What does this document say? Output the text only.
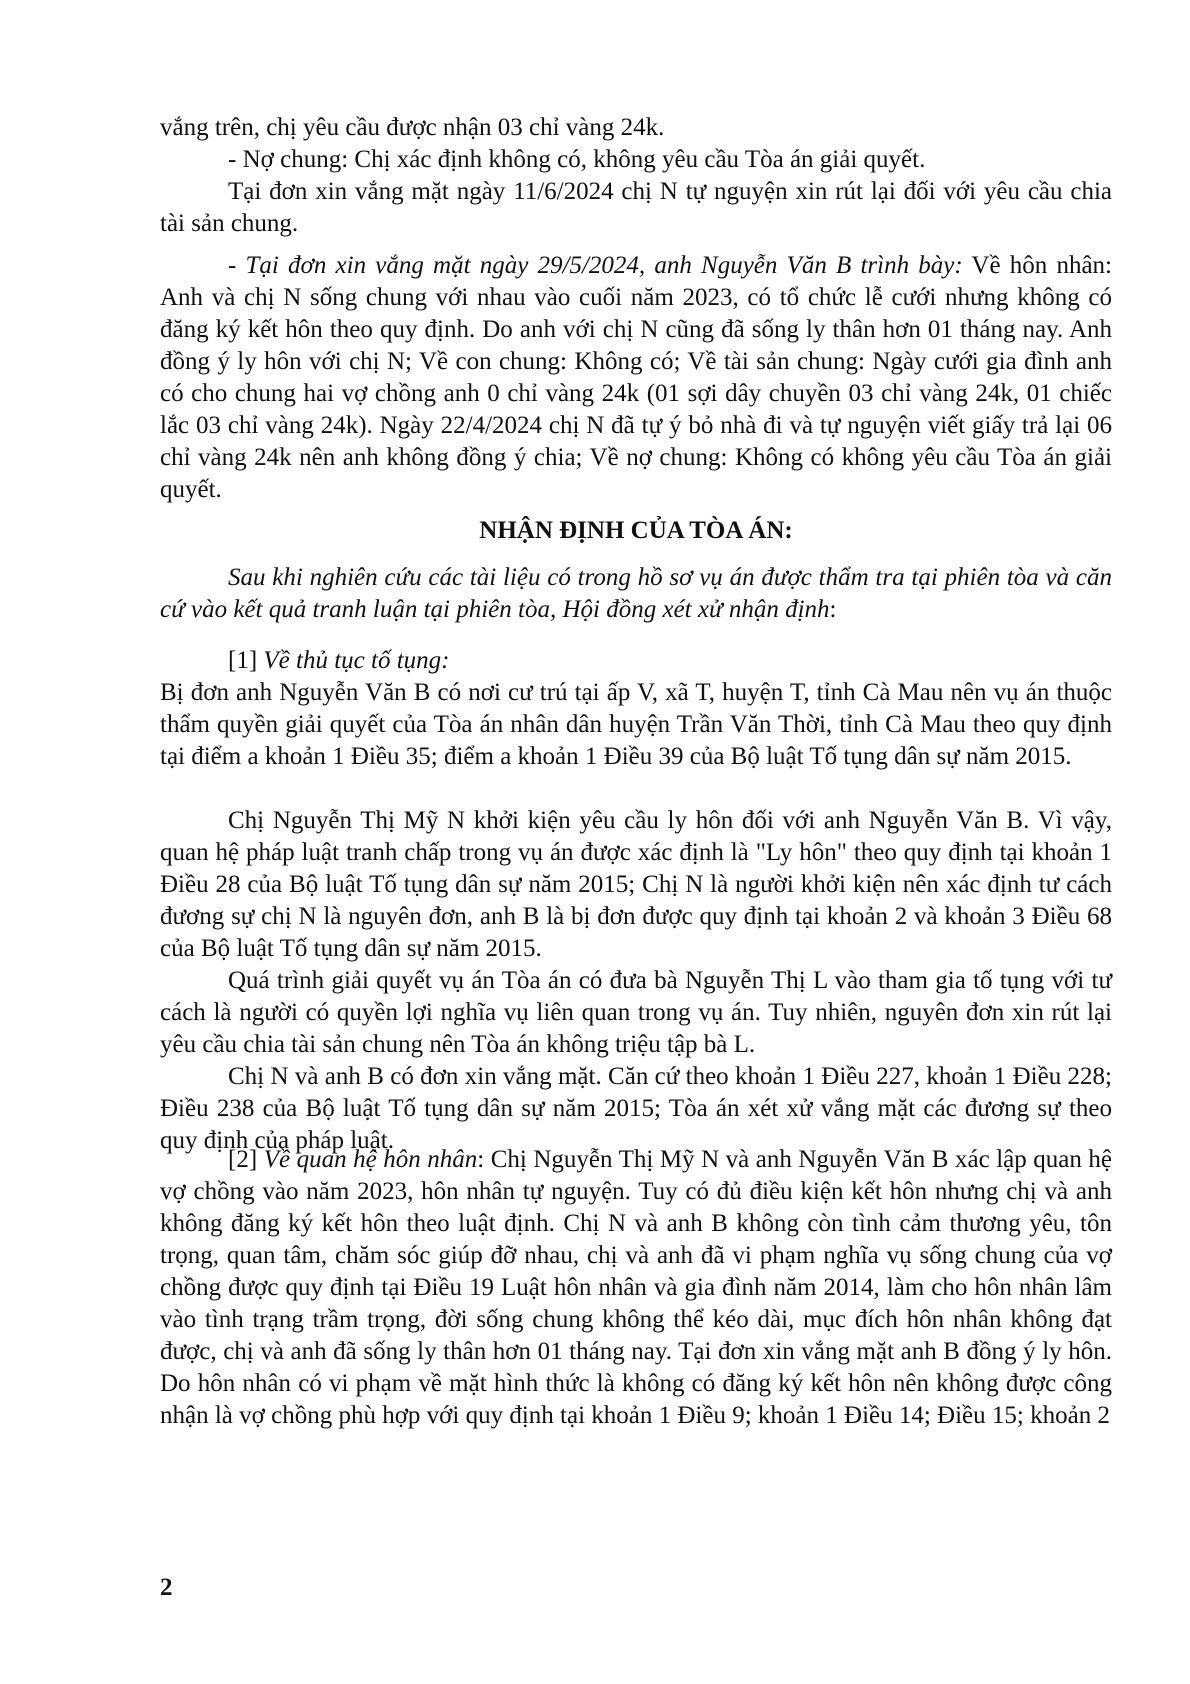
vắng trên, chị yêu cầu được nhận 03 chỉ vàng 24k.

- Nợ chung: Chị xác định không có, không yêu cầu Tòa án giải quyết.

Tại đơn xin vắng mặt ngày 11/6/2024 chị N tự nguyện xin rút lại đối với yêu cầu chia tài sản chung.

- Tại đơn xin vắng mặt ngày 29/5/2024, anh Nguyễn Văn B trình bày: Về hôn nhân: Anh và chị N sống chung với nhau vào cuối năm 2023, có tổ chức lễ cưới nhưng không có đăng ký kết hôn theo quy định. Do anh với chị N cũng đã sống ly thân hơn 01 tháng nay. Anh đồng ý ly hôn với chị N; Về con chung: Không có; Về tài sản chung: Ngày cưới gia đình anh có cho chung hai vợ chồng anh 0 chỉ vàng 24k (01 sợi dây chuyền 03 chỉ vàng 24k, 01 chiếc lắc 03 chỉ vàng 24k). Ngày 22/4/2024 chị N đã tự ý bỏ nhà đi và tự nguyện viết giấy trả lại 06 chỉ vàng 24k nên anh không đồng ý chia; Về nợ chung: Không có không yêu cầu Tòa án giải quyết.

NHẬN ĐỊNH CỦA TÒA ÁN:

Sau khi nghiên cứu các tài liệu có trong hồ sơ vụ án được thẩm tra tại phiên tòa và căn cứ vào kết quả tranh luận tại phiên tòa, Hội đồng xét xử nhận định:

[1] Về thủ tục tố tụng:

Bị đơn anh Nguyễn Văn B có nơi cư trú tại ấp V, xã T, huyện T, tỉnh Cà Mau nên vụ án thuộc thẩm quyền giải quyết của Tòa án nhân dân huyện Trần Văn Thời, tỉnh Cà Mau theo quy định tại điểm a khoản 1 Điều 35; điểm a khoản 1 Điều 39 của Bộ luật Tố tụng dân sự năm 2015.

Chị Nguyễn Thị Mỹ N khởi kiện yêu cầu ly hôn đối với anh Nguyễn Văn B. Vì vậy, quan hệ pháp luật tranh chấp trong vụ án được xác định là "Ly hôn" theo quy định tại khoản 1 Điều 28 của Bộ luật Tố tụng dân sự năm 2015; Chị N là người khởi kiện nên xác định tư cách đương sự chị N là nguyên đơn, anh B là bị đơn được quy định tại khoản 2 và khoản 3 Điều 68 của Bộ luật Tố tụng dân sự năm 2015.

Quá trình giải quyết vụ án Tòa án có đưa bà Nguyễn Thị L vào tham gia tố tụng với tư cách là người có quyền lợi nghĩa vụ liên quan trong vụ án. Tuy nhiên, nguyên đơn xin rút lại yêu cầu chia tài sản chung nên Tòa án không triệu tập bà L.

Chị N và anh B có đơn xin vắng mặt. Căn cứ theo khoản 1 Điều 227, khoản 1 Điều 228; Điều 238 của Bộ luật Tố tụng dân sự năm 2015; Tòa án xét xử vắng mặt các đương sự theo quy định của pháp luật.

[2] Về quan hệ hôn nhân: Chị Nguyễn Thị Mỹ N và anh Nguyễn Văn B xác lập quan hệ vợ chồng vào năm 2023, hôn nhân tự nguyện. Tuy có đủ điều kiện kết hôn nhưng chị và anh không đăng ký kết hôn theo luật định. Chị N và anh B không còn tình cảm thương yêu, tôn trọng, quan tâm, chăm sóc giúp đỡ nhau, chị và anh đã vi phạm nghĩa vụ sống chung của vợ chồng được quy định tại Điều 19 Luật hôn nhân và gia đình năm 2014, làm cho hôn nhân lâm vào tình trạng trầm trọng, đời sống chung không thể kéo dài, mục đích hôn nhân không đạt được, chị và anh đã sống ly thân hơn 01 tháng nay. Tại đơn xin vắng mặt anh B đồng ý ly hôn. Do hôn nhân có vi phạm về mặt hình thức là không có đăng ký kết hôn nên không được công nhận là vợ chồng phù hợp với quy định tại khoản 1 Điều 9; khoản 1 Điều 14; Điều 15; khoản 2

2
